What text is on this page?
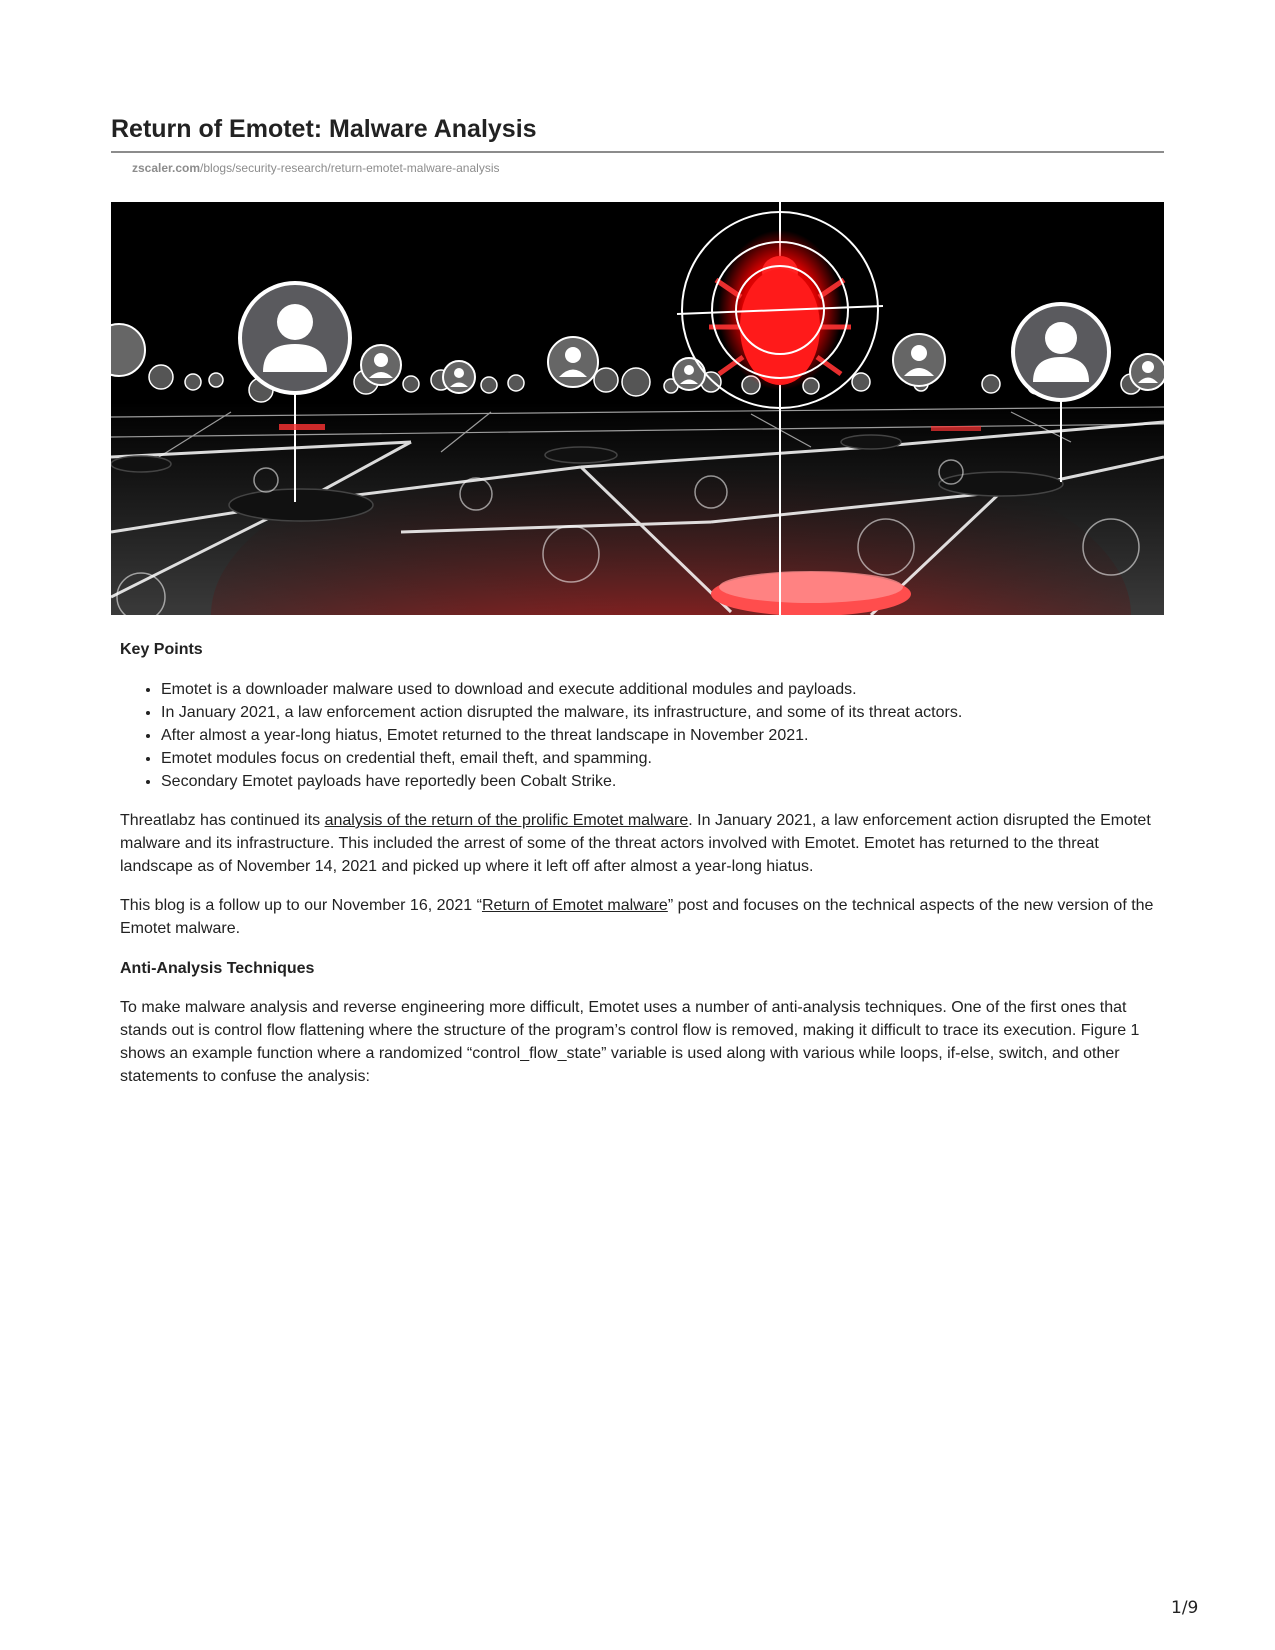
Return of Emotet: Malware Analysis
zscaler.com/blogs/security-research/return-emotet-malware-analysis
Key Points
• Emotet is a downloader malware used to download and execute additional modules and payloads.
• In January 2021, a law enforcement action disrupted the malware, its infrastructure, and some of its threat actors.
• After almost a year-long hiatus, Emotet returned to the threat landscape in November 2021.
• Emotet modules focus on credential theft, email theft, and spamming.
• Secondary Emotet payloads have reportedly been Cobalt Strike.

Threatlabz has continued its analysis of the return of the prolific Emotet malware. In January 2021, a law enforcement action disrupted the Emotet malware and its infrastructure. This included the arrest of some of the threat actors involved with Emotet. Emotet has returned to the threat landscape as of November 14, 2021 and picked up where it left off after almost a year-long hiatus.

This blog is a follow up to our November 16, 2021 “Return of Emotet malware” post and focuses on the technical aspects of the new version of the Emotet malware.

Anti-Analysis Techniques

To make malware analysis and reverse engineering more difficult, Emotet uses a number of anti-analysis techniques. One of the first ones that stands out is control flow flattening where the structure of the program’s control flow is removed, making it difficult to trace its execution. Figure 1 shows an example function where a randomized “control_flow_state” variable is used along with various while loops, if-else, switch, and other statements to confuse the analysis:

1/9
